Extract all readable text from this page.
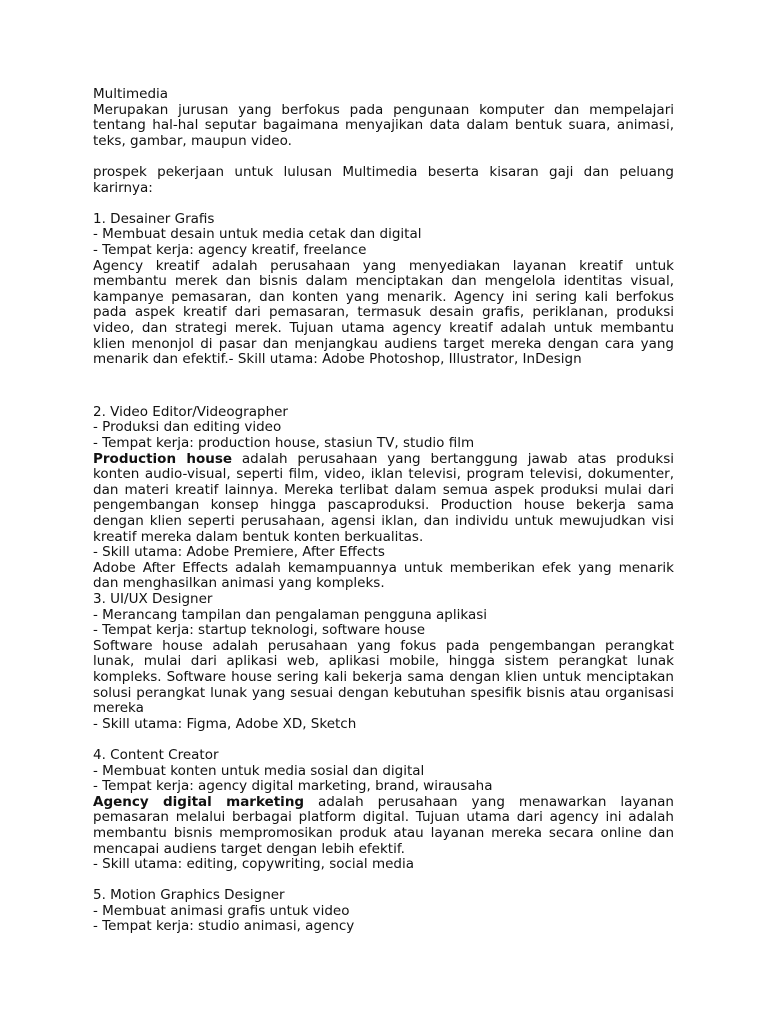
Multimedia
Merupakan jurusan yang berfokus pada pengunaan komputer dan mempelajari tentang hal-hal seputar bagaimana menyajikan data dalam bentuk suara, animasi, teks, gambar, maupun video.
prospek pekerjaan untuk lulusan Multimedia beserta kisaran gaji dan peluang karirnya:
1. Desainer Grafis
- Membuat desain untuk media cetak dan digital
- Tempat kerja: agency kreatif, freelance
Agency kreatif adalah perusahaan yang menyediakan layanan kreatif untuk membantu merek dan bisnis dalam menciptakan dan mengelola identitas visual, kampanye pemasaran, dan konten yang menarik. Agency ini sering kali berfokus pada aspek kreatif dari pemasaran, termasuk desain grafis, periklanan, produksi video, dan strategi merek. Tujuan utama agency kreatif adalah untuk membantu klien menonjol di pasar dan menjangkau audiens target mereka dengan cara yang menarik dan efektif.- Skill utama: Adobe Photoshop, Illustrator, InDesign
2. Video Editor/Videographer
- Produksi dan editing video
- Tempat kerja: production house, stasiun TV, studio film
Production house adalah perusahaan yang bertanggung jawab atas produksi konten audio-visual, seperti film, video, iklan televisi, program televisi, dokumenter, dan materi kreatif lainnya. Mereka terlibat dalam semua aspek produksi mulai dari pengembangan konsep hingga pascaproduksi. Production house bekerja sama dengan klien seperti perusahaan, agensi iklan, dan individu untuk mewujudkan visi kreatif mereka dalam bentuk konten berkualitas.
- Skill utama: Adobe Premiere, After Effects
Adobe After Effects adalah kemampuannya untuk memberikan efek yang menarik dan menghasilkan animasi yang kompleks.
3. UI/UX Designer
- Merancang tampilan dan pengalaman pengguna aplikasi
- Tempat kerja: startup teknologi, software house
Software house adalah perusahaan yang fokus pada pengembangan perangkat lunak, mulai dari aplikasi web, aplikasi mobile, hingga sistem perangkat lunak kompleks. Software house sering kali bekerja sama dengan klien untuk menciptakan solusi perangkat lunak yang sesuai dengan kebutuhan spesifik bisnis atau organisasi mereka
- Skill utama: Figma, Adobe XD, Sketch
4. Content Creator
- Membuat konten untuk media sosial dan digital
- Tempat kerja: agency digital marketing, brand, wirausaha
Agency digital marketing adalah perusahaan yang menawarkan layanan pemasaran melalui berbagai platform digital. Tujuan utama dari agency ini adalah membantu bisnis mempromosikan produk atau layanan mereka secara online dan mencapai audiens target dengan lebih efektif.
- Skill utama: editing, copywriting, social media
5. Motion Graphics Designer
- Membuat animasi grafis untuk video
- Tempat kerja: studio animasi, agency
